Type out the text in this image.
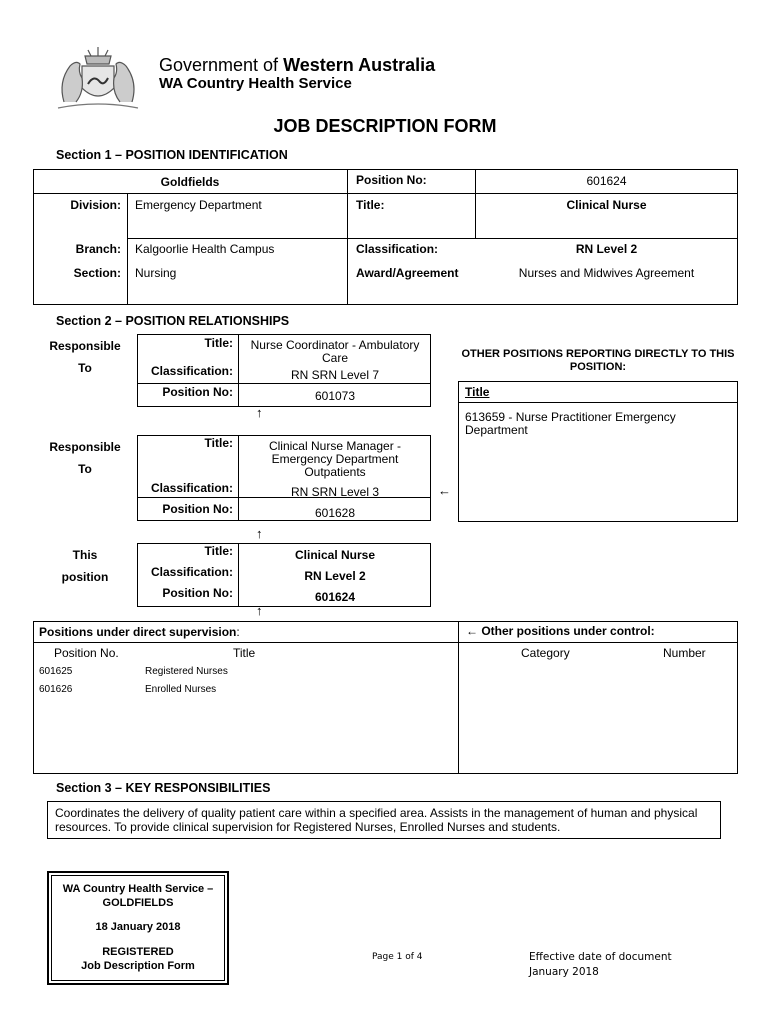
Government of Western Australia
WA Country Health Service
JOB DESCRIPTION FORM
Section 1 – POSITION IDENTIFICATION
Goldfields	Position No:	601624
Division: Emergency Department	Title:	Clinical Nurse
Branch: Kalgoorlie Health Campus	Classification:	RN Level 2
Section: Nursing	Award/Agreement	Nurses and Midwives Agreement
Section 2 – POSITION RELATIONSHIPS
Responsible
To
Title:	Nurse Coordinator - Ambulatory Care
Classification:	RN SRN Level 7
Position No:	601073
↑
Responsible
To
Title:	Clinical Nurse Manager - Emergency Department Outpatients
Classification:	RN SRN Level 3
Position No:	601628
←
↑
This
position
Title:	Clinical Nurse
Classification:	RN Level 2
Position No:	601624
↑
OTHER POSITIONS REPORTING DIRECTLY TO THIS POSITION:
Title
613659 - Nurse Practitioner Emergency Department
Positions under direct supervision:	← Other positions under control:
Position No.	Title	Category	Number
601625	Registered Nurses
601626	Enrolled Nurses
Section 3 – KEY RESPONSIBILITIES
Coordinates the delivery of quality patient care within a specified area. Assists in the management of human and physical resources. To provide clinical supervision for Registered Nurses, Enrolled Nurses and students.
WA Country Health Service –
GOLDFIELDS
18 January 2018
REGISTERED
Job Description Form
Page 1 of 4	Effective date of document
January 2018
